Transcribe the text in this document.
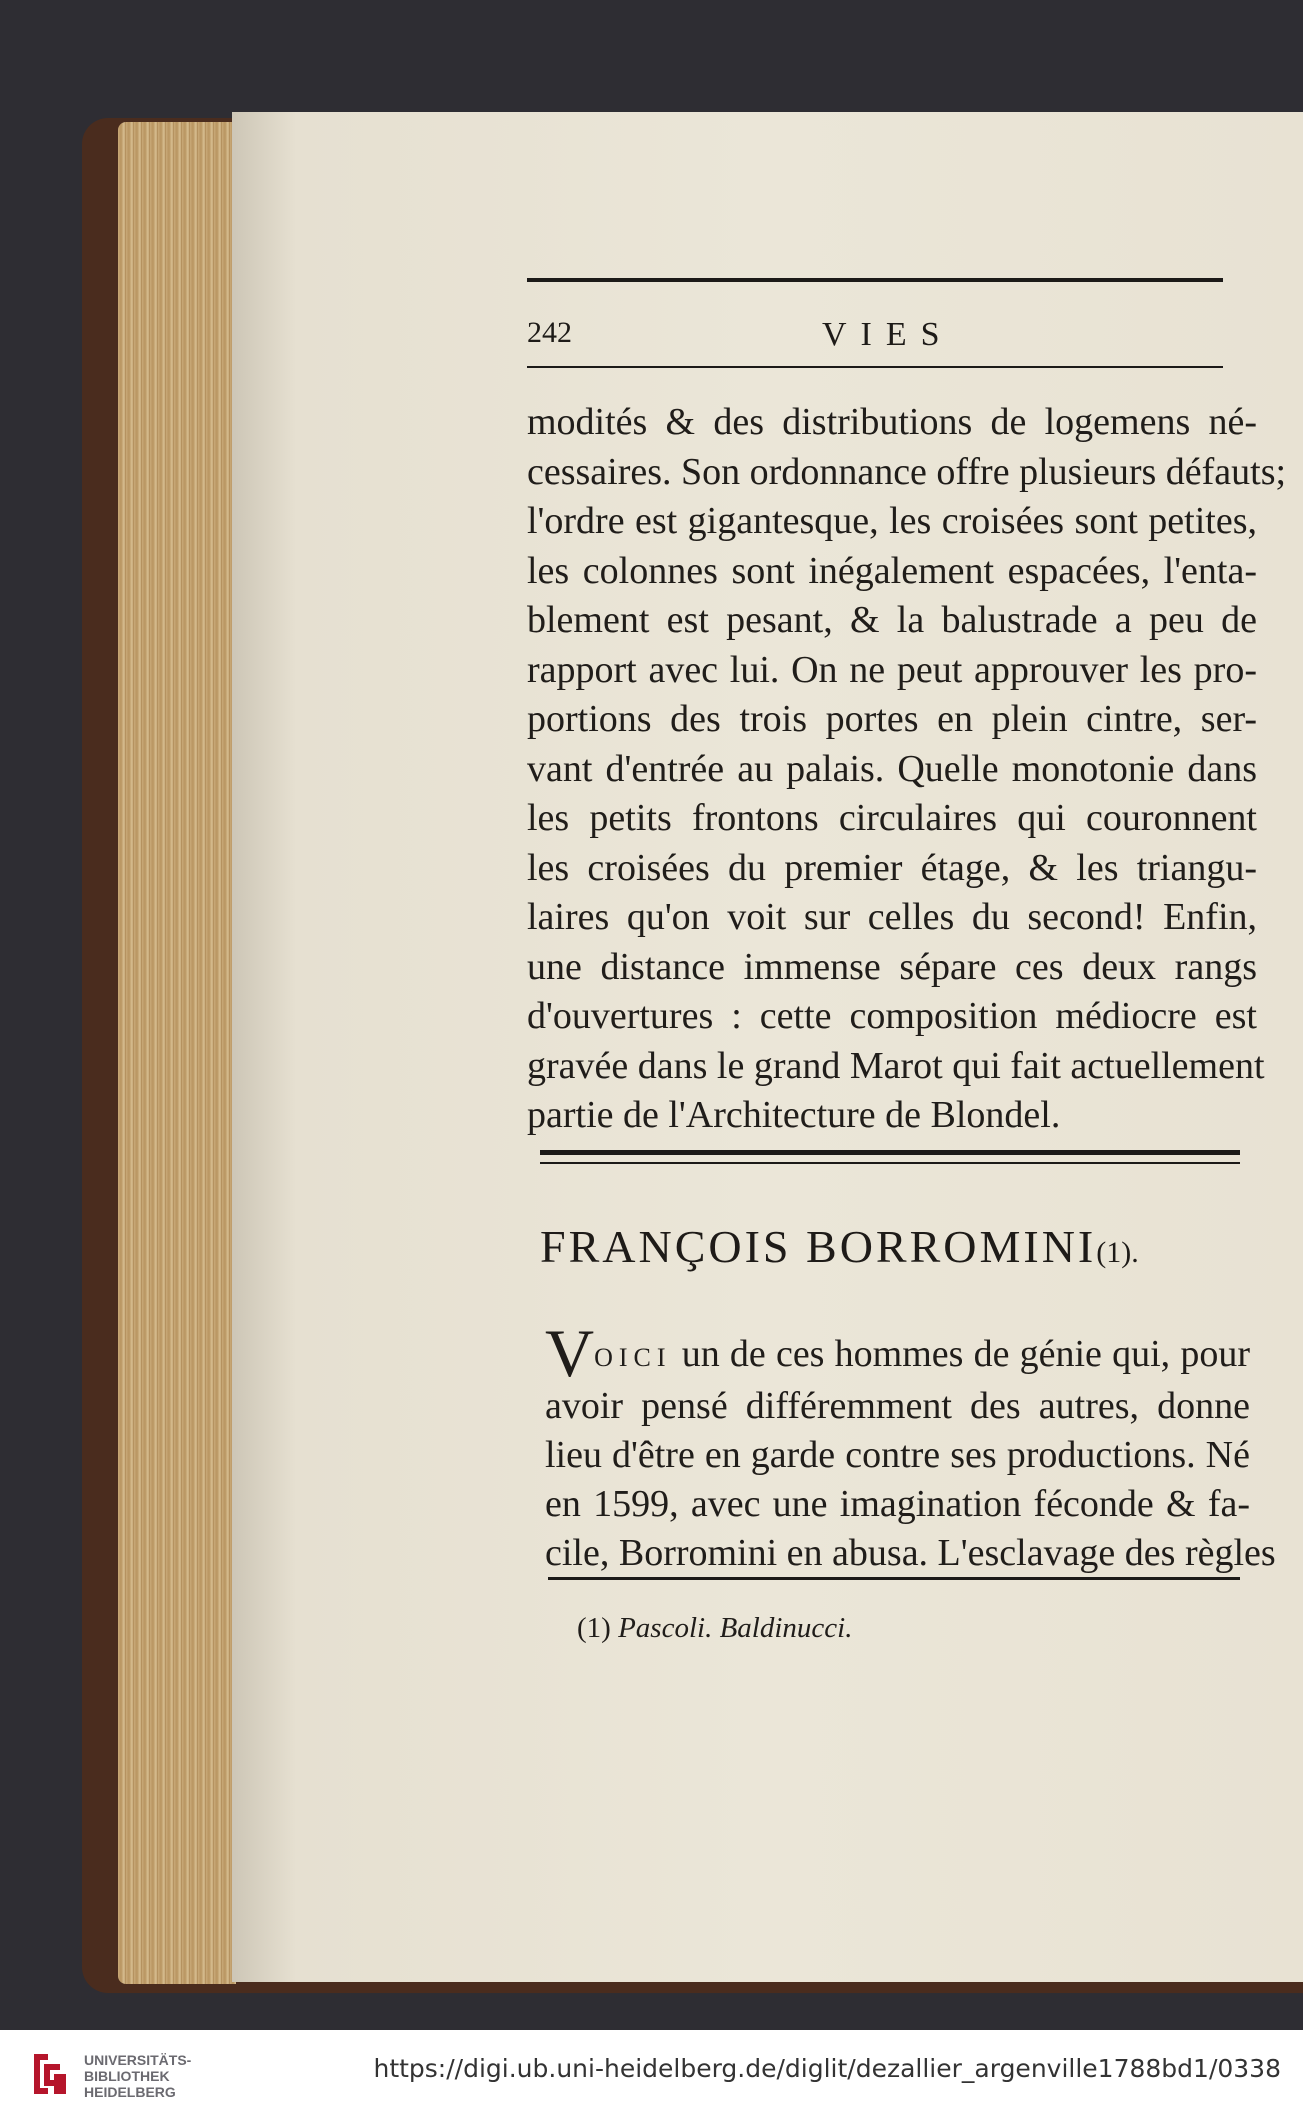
242	VIES
modités & des distributions de logemens né-
cessaires. Son ordonnance offre plusieurs défauts;
l'ordre est gigantesque, les croisées sont petites,
les colonnes sont inégalement espacées, l'enta-
blement est pesant, & la balustrade a peu de
rapport avec lui. On ne peut approuver les pro-
portions des trois portes en plein cintre, ser-
vant d'entrée au palais. Quelle monotonie dans
les petits frontons circulaires qui couronnent
les croisées du premier étage, & les triangu-
laires qu'on voit sur celles du second! Enfin,
une distance immense sépare ces deux rangs
d'ouvertures : cette composition médiocre est
gravée dans le grand Marot qui fait actuellement
partie de l'Architecture de Blondel.
FRANÇOIS BORROMINI(1).
VOICI un de ces hommes de génie qui, pour
avoir pensé différemment des autres, donne
lieu d'être en garde contre ses productions. Né
en 1599, avec une imagination féconde & fa-
cile, Borromini en abusa. L'esclavage des règles
(1) Pascoli. Baldinucci.
UNIVERSITÄTS-
BIBLIOTHEK
HEIDELBERG
https://digi.ub.uni-heidelberg.de/diglit/dezallier_argenville1788bd1/0338
